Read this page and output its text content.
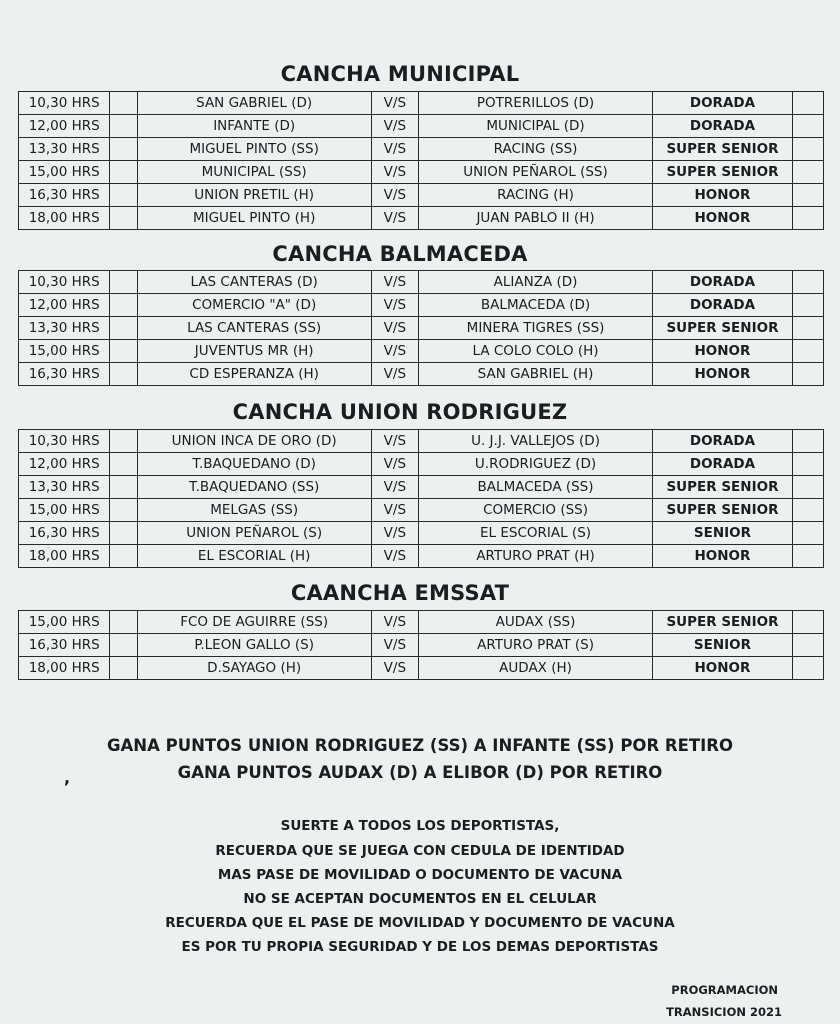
CANCHA MUNICIPAL
10,30 HRS		SAN GABRIEL (D)	V/S	POTRERILLOS (D)	DORADA	
12,00 HRS		INFANTE (D)	V/S	MUNICIPAL (D)	DORADA	
13,30 HRS		MIGUEL PINTO (SS)	V/S	RACING (SS)	SUPER SENIOR	
15,00 HRS		MUNICIPAL (SS)	V/S	UNION PEÑAROL (SS)	SUPER SENIOR	
16,30 HRS		UNION PRETIL (H)	V/S	RACING (H)	HONOR	
18,00 HRS		MIGUEL PINTO (H)	V/S	JUAN PABLO II (H)	HONOR	
CANCHA BALMACEDA
10,30 HRS		LAS CANTERAS (D)	V/S	ALIANZA (D)	DORADA	
12,00 HRS		COMERCIO "A" (D)	V/S	BALMACEDA (D)	DORADA	
13,30 HRS		LAS CANTERAS (SS)	V/S	MINERA TIGRES (SS)	SUPER SENIOR	
15,00 HRS		JUVENTUS MR (H)	V/S	LA COLO COLO (H)	HONOR	
16,30 HRS		CD ESPERANZA (H)	V/S	SAN GABRIEL (H)	HONOR	
CANCHA UNION RODRIGUEZ
10,30 HRS		UNION INCA DE ORO (D)	V/S	U. J.J. VALLEJOS (D)	DORADA	
12,00 HRS		T.BAQUEDANO (D)	V/S	U.RODRIGUEZ (D)	DORADA	
13,30 HRS		T.BAQUEDANO (SS)	V/S	BALMACEDA (SS)	SUPER SENIOR	
15,00 HRS		MELGAS (SS)	V/S	COMERCIO (SS)	SUPER SENIOR	
16,30 HRS		UNION PEÑAROL (S)	V/S	EL ESCORIAL (S)	SENIOR	
18,00 HRS		EL ESCORIAL (H)	V/S	ARTURO PRAT (H)	HONOR	
CAANCHA EMSSAT
15,00 HRS		FCO DE AGUIRRE (SS)	V/S	AUDAX (SS)	SUPER SENIOR	
16,30 HRS		P.LEON GALLO (S)	V/S	ARTURO PRAT (S)	SENIOR	
18,00 HRS		D.SAYAGO (H)	V/S	AUDAX (H)	HONOR	
GANA PUNTOS UNION RODRIGUEZ (SS) A INFANTE (SS) POR RETIRO
,	GANA PUNTOS AUDAX (D) A ELIBOR (D) POR RETIRO
SUERTE A TODOS LOS DEPORTISTAS,
RECUERDA QUE SE JUEGA CON CEDULA DE IDENTIDAD
MAS PASE DE MOVILIDAD O DOCUMENTO DE VACUNA
NO SE ACEPTAN DOCUMENTOS EN EL CELULAR
RECUERDA QUE EL PASE DE MOVILIDAD Y DOCUMENTO DE VACUNA
ES POR TU PROPIA SEGURIDAD Y DE LOS DEMAS DEPORTISTAS
PROGRAMACION
TRANSICION 2021
